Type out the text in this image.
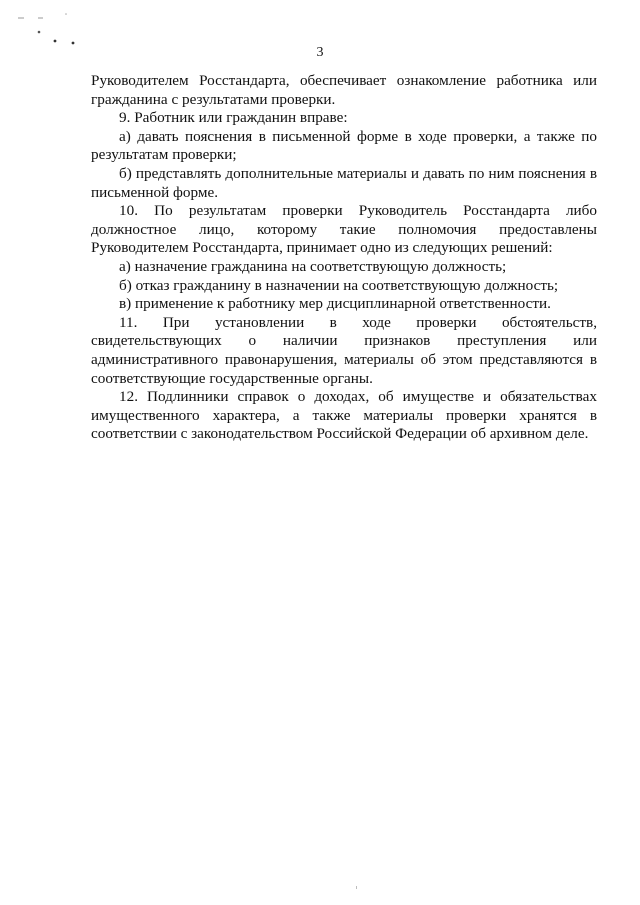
3

Руководителем Росстандарта, обеспечивает ознакомление работника или гражданина с результатами проверки.

9. Работник или гражданин вправе:

а) давать пояснения в письменной форме в ходе проверки, а также по результатам проверки;

б) представлять дополнительные материалы и давать по ним пояснения в письменной форме.

10. По результатам проверки Руководитель Росстандарта либо должностное лицо, которому такие полномочия предоставлены Руководителем Росстандарта, принимает одно из следующих решений:

а) назначение гражданина на соответствующую должность;

б) отказ гражданину в назначении на соответствующую должность;

в) применение к работнику мер дисциплинарной ответственности.

11. При установлении в ходе проверки обстоятельств, свидетельствующих о наличии признаков преступления или административного правонарушения, материалы об этом представляются в соответствующие государственные органы.

12. Подлинники справок о доходах, об имуществе и обязательствах имущественного характера, а также материалы проверки хранятся в соответствии с законодательством Российской Федерации об архивном деле.
